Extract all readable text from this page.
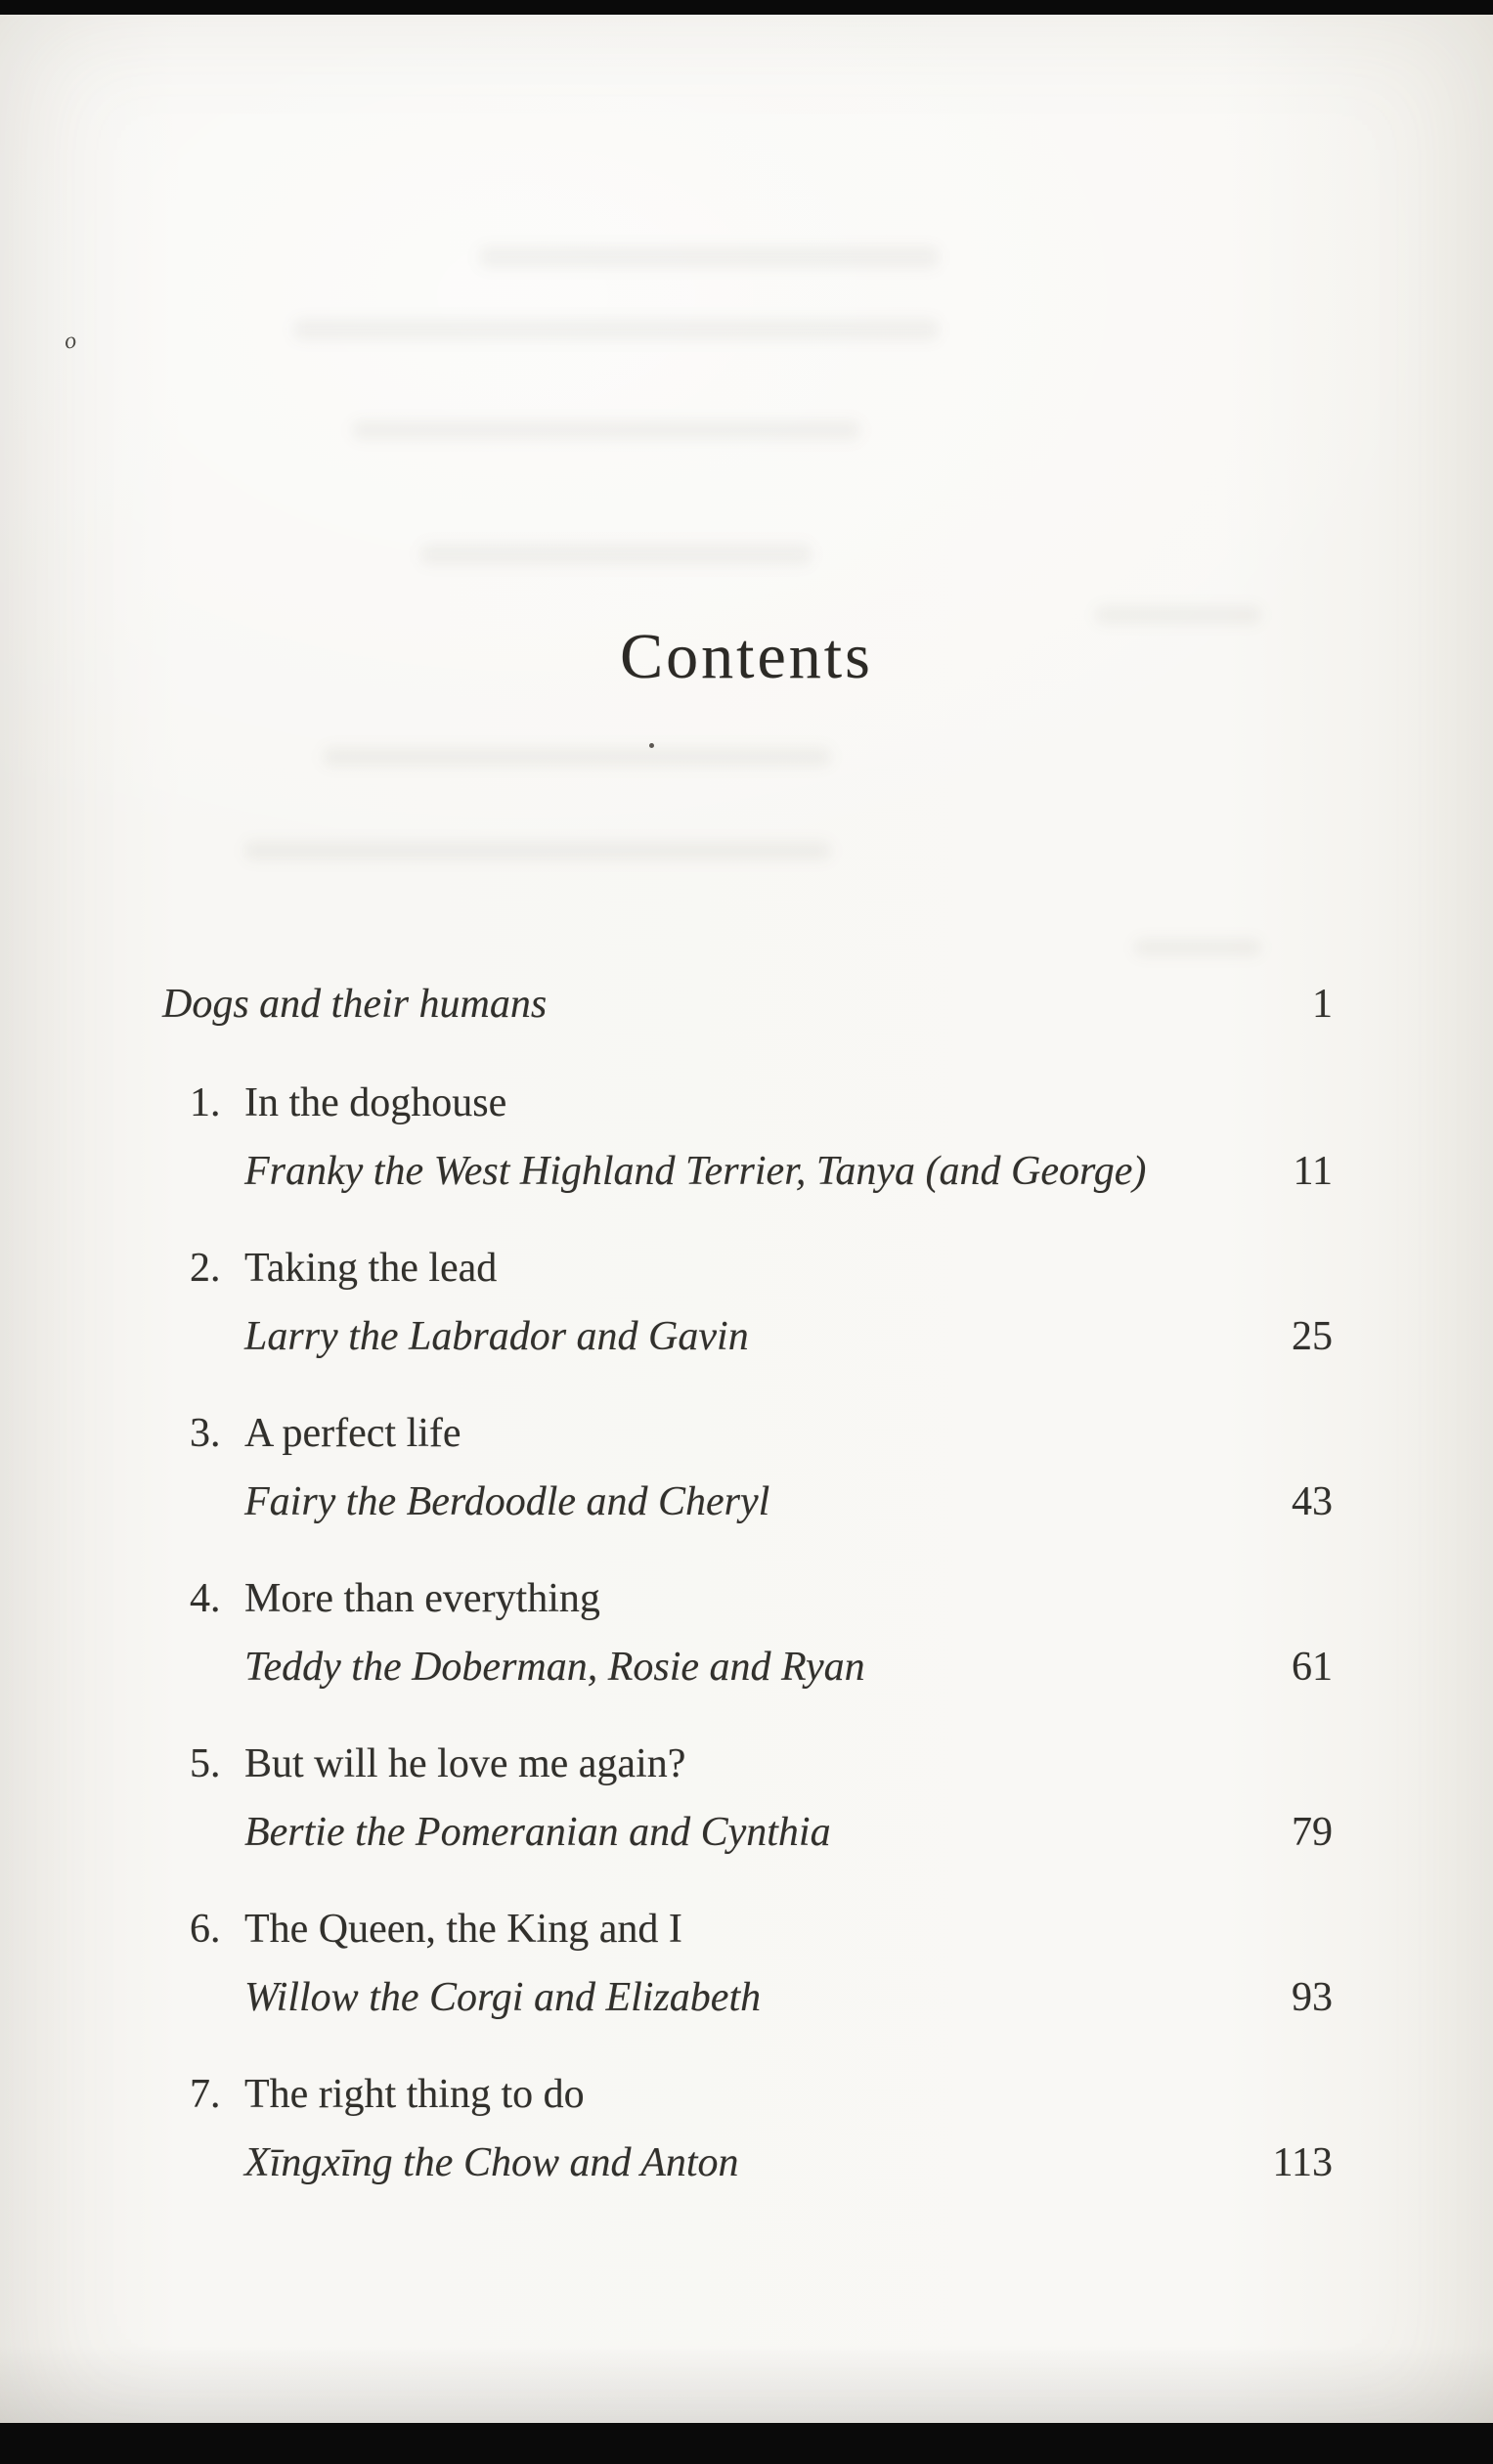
o
Contents
Dogs and their humans	1
1. In the doghouse
Franky the West Highland Terrier, Tanya (and George)	11
2. Taking the lead
Larry the Labrador and Gavin	25
3. A perfect life
Fairy the Berdoodle and Cheryl	43
4. More than everything
Teddy the Doberman, Rosie and Ryan	61
5. But will he love me again?
Bertie the Pomeranian and Cynthia	79
6. The Queen, the King and I
Willow the Corgi and Elizabeth	93
7. The right thing to do
Xīngxīng the Chow and Anton	113
